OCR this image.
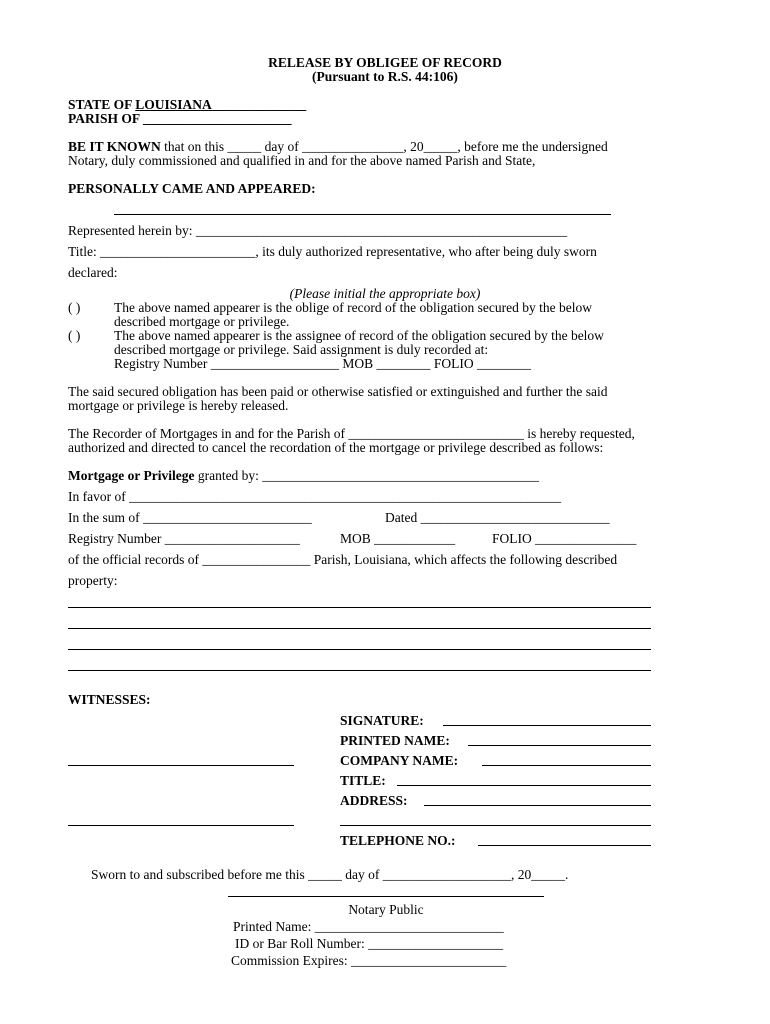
RELEASE BY OBLIGEE OF RECORD
(Pursuant to R.S. 44:106)
STATE OF LOUISIANA______________
PARISH OF ______________________
BE IT KNOWN that on this _____ day of _______________, 20_____, before me the undersigned
Notary, duly commissioned and qualified in and for the above named Parish and State,
PERSONALLY CAME AND APPEARED:
Represented herein by: _______________________________________________________
Title: _______________________, its duly authorized representative, who after being duly sworn
declared:
(Please initial the appropriate box)
( ) The above named appearer is the oblige of record of the obligation secured by the below
described mortgage or privilege.
( ) The above named appearer is the assignee of record of the obligation secured by the below
described mortgage or privilege. Said assignment is duly recorded at:
Registry Number ___________________ MOB ________ FOLIO ________
The said secured obligation has been paid or otherwise satisfied or extinguished and further the said
mortgage or privilege is hereby released.
The Recorder of Mortgages in and for the Parish of __________________________ is hereby requested,
authorized and directed to cancel the recordation of the mortgage or privilege described as follows:
Mortgage or Privilege granted by: _________________________________________
In favor of ________________________________________________________________
In the sum of _________________________	Dated ____________________________
Registry Number ____________________	MOB ____________	FOLIO _______________
of the official records of ________________ Parish, Louisiana, which affects the following described
property:
WITNESSES:
SIGNATURE:
PRINTED NAME:
COMPANY NAME:
TITLE:
ADDRESS:
TELEPHONE NO.:
Sworn to and subscribed before me this _____ day of ___________________, 20_____.
Notary Public
Printed Name: ____________________________
ID or Bar Roll Number: ____________________
Commission Expires: _______________________
